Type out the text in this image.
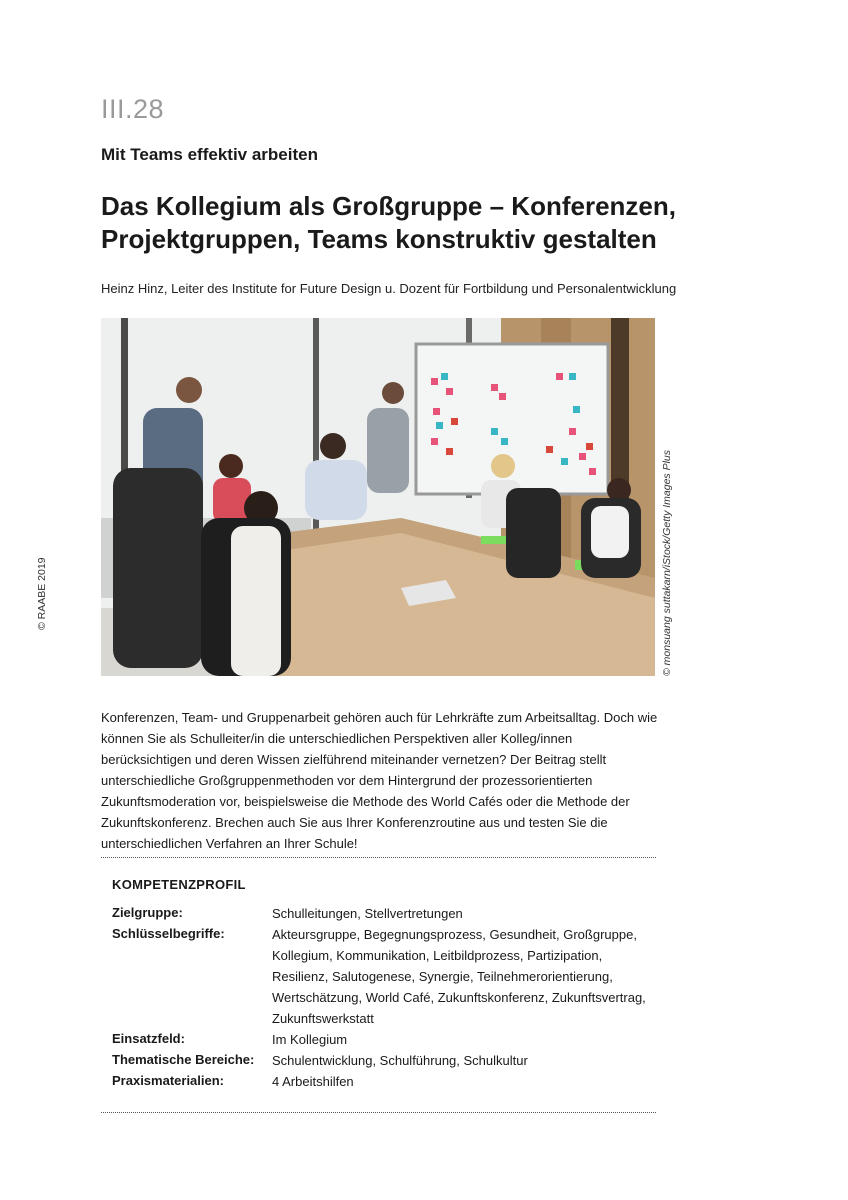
III.28
Mit Teams effektiv arbeiten
Das Kollegium als Großgruppe – Konferenzen, Projektgruppen, Teams konstruktiv gestalten
Heinz Hinz, Leiter des Institute for Future Design u. Dozent für Fortbildung und Personalentwicklung
© monsuang suttakarn/iStock/Getty Images Plus
© RAABE 2019
Konferenzen, Team- und Gruppenarbeit gehören auch für Lehrkräfte zum Arbeitsalltag. Doch wie können Sie als Schulleiter/in die unterschiedlichen Perspektiven aller Kolleg/innen berücksichtigen und deren Wissen zielführend miteinander vernetzen? Der Beitrag stellt unterschiedliche Großgruppenmethoden vor dem Hintergrund der prozessorientierten Zukunftsmoderation vor, beispielsweise die Methode des World Cafés oder die Methode der Zukunftskonferenz. Brechen auch Sie aus Ihrer Konferenzroutine aus und testen Sie die unterschiedlichen Verfahren an Ihrer Schule!
KOMPETENZPROFIL
Zielgruppe:	Schulleitungen, Stellvertretungen
Schlüsselbegriffe:	Akteursgruppe, Begegnungsprozess, Gesundheit, Großgruppe, Kollegium, Kommunikation, Leitbildprozess, Partizipation, Resilienz, Salutogenese, Synergie, Teilnehmerorientierung, Wertschätzung, World Café, Zukunftskonferenz, Zukunftsvertrag, Zukunftswerkstatt
Einsatzfeld:	Im Kollegium
Thematische Bereiche: Schulentwicklung, Schulführung, Schulkultur
Praxismaterialien:	4 Arbeitshilfen
